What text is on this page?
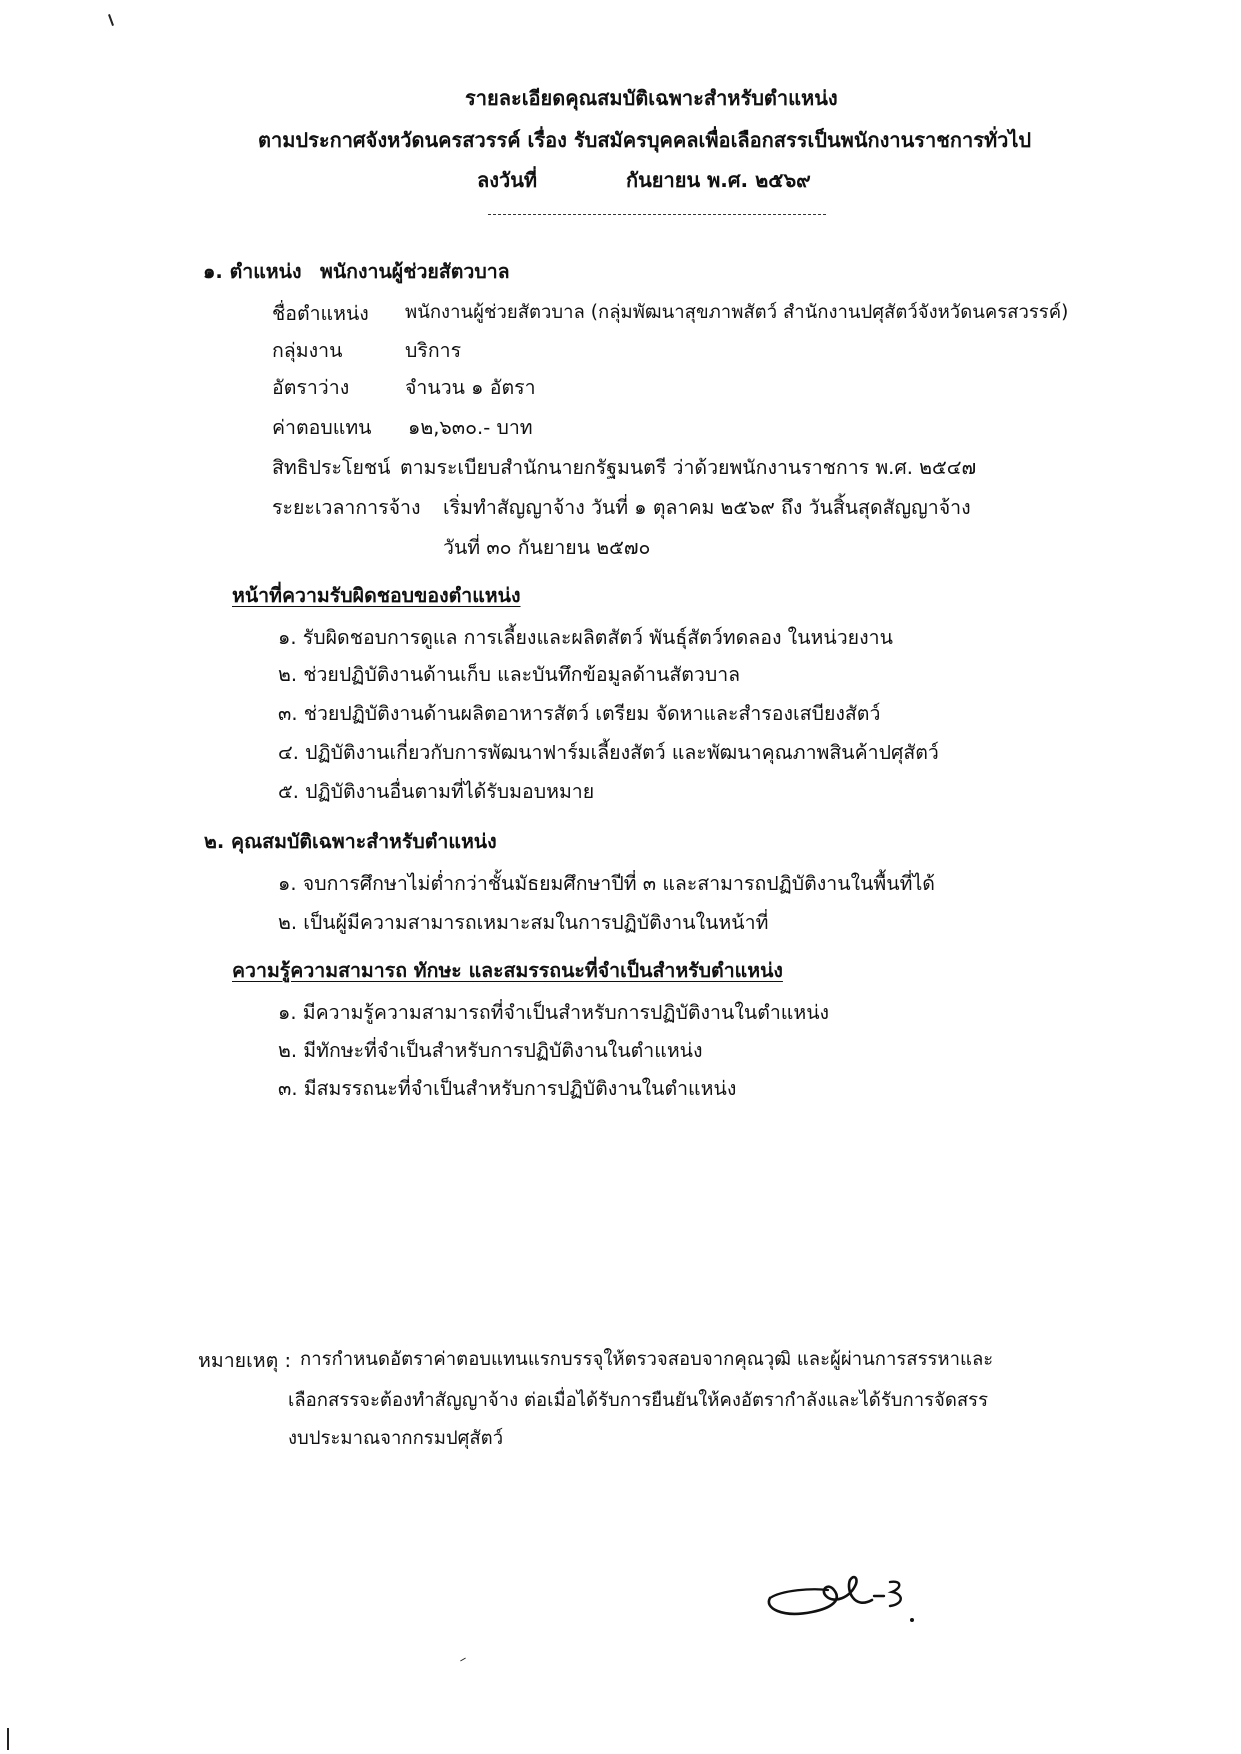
รายละเอียดคุณสมบัติเฉพาะสำหรับตำแหน่ง
ตามประกาศจังหวัดนครสวรรค์ เรื่อง รับสมัครบุคคลเพื่อเลือกสรรเป็นพนักงานราชการทั่วไป
ลงวันที่	กันยายน พ.ศ. ๒๕๖๙
๑. ตำแหน่ง พนักงานผู้ช่วยสัตวบาล
ชื่อตำแหน่ง พนักงานผู้ช่วยสัตวบาล (กลุ่มพัฒนาสุขภาพสัตว์ สำนักงานปศุสัตว์จังหวัดนครสวรรค์)
กลุ่มงาน	บริการ
อัตราว่าง	จำนวน ๑ อัตรา
ค่าตอบแทน ๑๒,๖๓๐.- บาท
สิทธิประโยชน์ ตามระเบียบสำนักนายกรัฐมนตรี ว่าด้วยพนักงานราชการ พ.ศ. ๒๕๔๗
ระยะเวลาการจ้าง เริ่มทำสัญญาจ้าง วันที่ ๑ ตุลาคม ๒๕๖๙ ถึง วันสิ้นสุดสัญญาจ้าง
วันที่ ๓๐ กันยายน ๒๕๗๐
หน้าที่ความรับผิดชอบของตำแหน่ง
๑. รับผิดชอบการดูแล การเลี้ยงและผลิตสัตว์ พันธุ์สัตว์ทดลอง ในหน่วยงาน
๒. ช่วยปฏิบัติงานด้านเก็บ และบันทึกข้อมูลด้านสัตวบาล
๓. ช่วยปฏิบัติงานด้านผลิตอาหารสัตว์ เตรียม จัดหาและสำรองเสบียงสัตว์
๔. ปฏิบัติงานเกี่ยวกับการพัฒนาฟาร์มเลี้ยงสัตว์ และพัฒนาคุณภาพสินค้าปศุสัตว์
๕. ปฏิบัติงานอื่นตามที่ได้รับมอบหมาย
๒. คุณสมบัติเฉพาะสำหรับตำแหน่ง
๑. จบการศึกษาไม่ต่ำกว่าชั้นมัธยมศึกษาปีที่ ๓ และสามารถปฏิบัติงานในพื้นที่ได้
๒. เป็นผู้มีความสามารถเหมาะสมในการปฏิบัติงานในหน้าที่
ความรู้ความสามารถ ทักษะ และสมรรถนะที่จำเป็นสำหรับตำแหน่ง
๑. มีความรู้ความสามารถที่จำเป็นสำหรับการปฏิบัติงานในตำแหน่ง
๒. มีทักษะที่จำเป็นสำหรับการปฏิบัติงานในตำแหน่ง
๓. มีสมรรถนะที่จำเป็นสำหรับการปฏิบัติงานในตำแหน่ง
หมายเหตุ : การกำหนดอัตราค่าตอบแทนแรกบรรจุให้ตรวจสอบจากคุณวุฒิ และผู้ผ่านการสรรหาและ
เลือกสรรจะต้องทำสัญญาจ้าง ต่อเมื่อได้รับการยืนยันให้คงอัตรากำลังและได้รับการจัดสรร
งบประมาณจากกรมปศุสัตว์
